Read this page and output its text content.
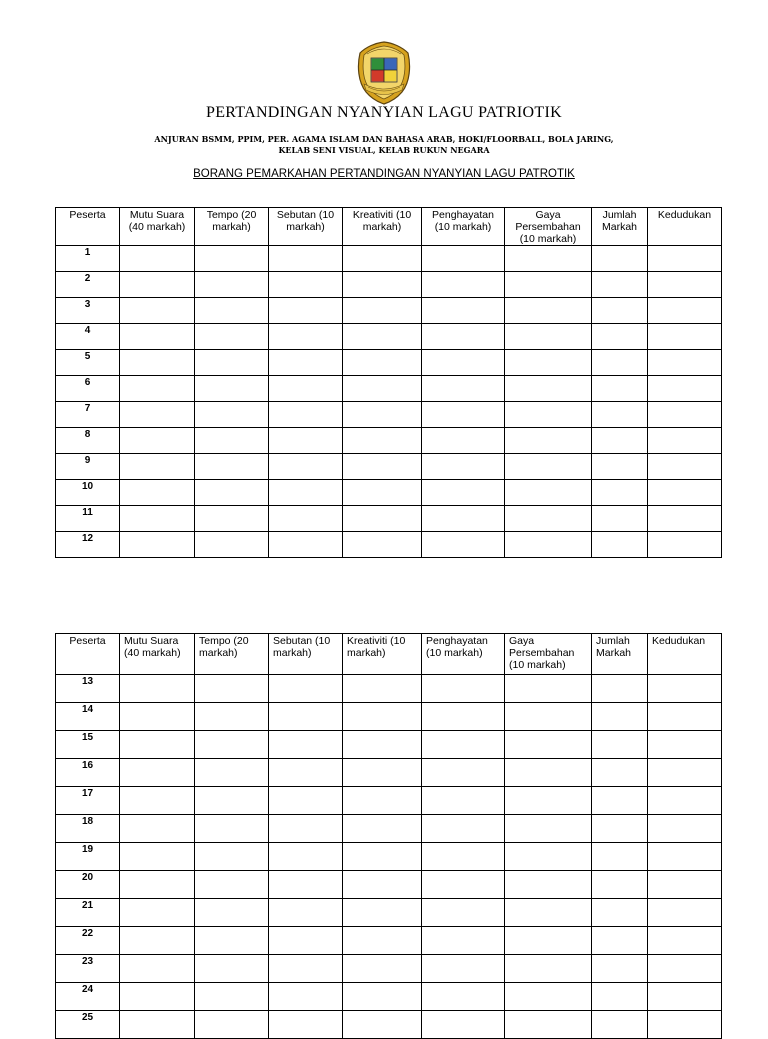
PERTANDINGAN NYANYIAN LAGU PATRIOTIK
ANJURAN BSMM, PPIM, PER. AGAMA ISLAM DAN BAHASA ARAB, HOKI/FLOORBALL, BOLA JARING,
KELAB SENI VISUAL, KELAB RUKUN NEGARA
BORANG PEMARKAHAN PERTANDINGAN NYANYIAN LAGU PATROTIK
Peserta	Mutu Suara (40 markah)	Tempo (20 markah)	Sebutan (10 markah)	Kreativiti (10 markah)	Penghayatan (10 markah)	Gaya Persembahan (10 markah)	Jumlah Markah	Kedudukan
1								
2								
3								
4								
5								
6								
7								
8								
9								
10								
11								
12								
Peserta	Mutu Suara (40 markah)	Tempo (20 markah)	Sebutan (10 markah)	Kreativiti (10 markah)	Penghayatan (10 markah)	Gaya Persembahan (10 markah)	Jumlah Markah	Kedudukan
13								
14								
15								
16								
17								
18								
19								
20								
21								
22								
23								
24								
25								
